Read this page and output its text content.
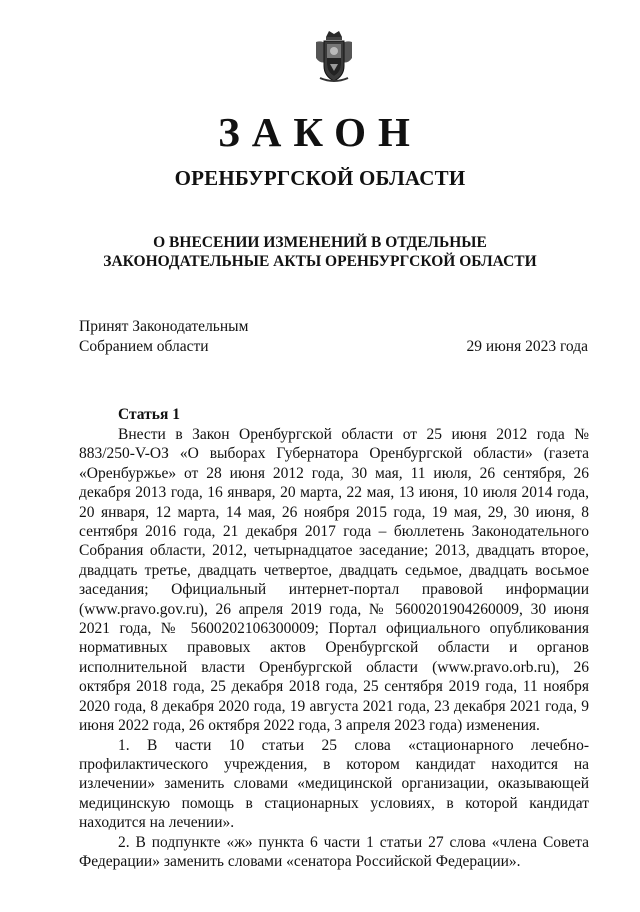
ЗАКОН
ОРЕНБУРГСКОЙ ОБЛАСТИ
О ВНЕСЕНИИ ИЗМЕНЕНИЙ В ОТДЕЛЬНЫЕ ЗАКОНОДАТЕЛЬНЫЕ АКТЫ ОРЕНБУРГСКОЙ ОБЛАСТИ
Принят Законодательным
Собранием области	29 июня 2023 года
Статья 1

Внести в Закон Оренбургской области от 25 июня 2012 года № 883/250-V-ОЗ «О выборах Губернатора Оренбургской области» (газета «Оренбуржье» от 28 июня 2012 года, 30 мая, 11 июля, 26 сентября, 26 декабря 2013 года, 16 января, 20 марта, 22 мая, 13 июня, 10 июля 2014 года, 20 января, 12 марта, 14 мая, 26 ноября 2015 года, 19 мая, 29, 30 июня, 8 сентября 2016 года, 21 декабря 2017 года – бюллетень Законодательного Собрания области, 2012, четырнадцатое заседание; 2013, двадцать второе, двадцать третье, двадцать четвертое, двадцать седьмое, двадцать восьмое заседания; Официальный интернет-портал правовой информации (www.pravo.gov.ru), 26 апреля 2019 года, № 5600201904260009, 30 июня 2021 года, № 5600202106300009; Портал официального опубликования нормативных правовых актов Оренбургской области и органов исполнительной власти Оренбургской области (www.pravo.orb.ru), 26 октября 2018 года, 25 декабря 2018 года, 25 сентября 2019 года, 11 ноября 2020 года, 8 декабря 2020 года, 19 августа 2021 года, 23 декабря 2021 года, 9 июня 2022 года, 26 октября 2022 года, 3 апреля 2023 года) изменения.

1. В части 10 статьи 25 слова «стационарного лечебно-профилактического учреждения, в котором кандидат находится на излечении» заменить словами «медицинской организации, оказывающей медицинскую помощь в стационарных условиях, в которой кандидат находится на лечении».

2. В подпункте «ж» пункта 6 части 1 статьи 27 слова «члена Совета Федерации» заменить словами «сенатора Российской Федерации».
